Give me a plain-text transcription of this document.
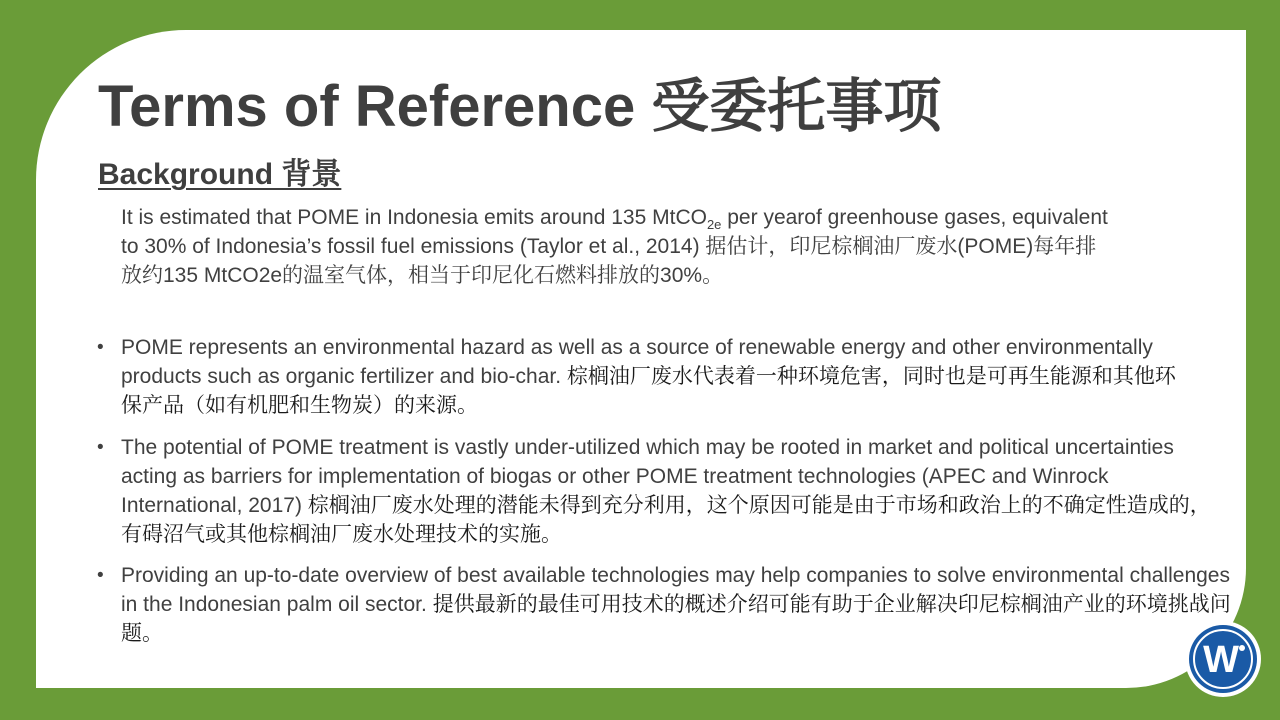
Terms of Reference 受委托事项
Background 背景

It is estimated that POME in Indonesia emits around 135 MtCO$_{2e}$ per yearof greenhouse gases, equivalent to 30% of Indonesia’s fossil fuel emissions (Taylor et al., 2014) 据估计，印尼棕榈油厂废水(POME)每年排放约135 MtCO2e的温室气体，相当于印尼化石燃料排放的30%。

• POME represents an environmental hazard as well as a source of renewable energy and other environmentally products such as organic fertilizer and bio-char. 棕榈油厂废水代表着一种环境危害，同时也是可再生能源和其他环保产品（如有机肥和生物炭）的来源。

• The potential of POME treatment is vastly under-utilized which may be rooted in market and political uncertainties acting as barriers for implementation of biogas or other POME treatment technologies (APEC and Winrock International, 2017) 棕榈油厂废水处理的潜能未得到充分利用，这个原因可能是由于市场和政治上的不确定性造成的，有碍沼气或其他棕榈油厂废水处理技术的实施。

• Providing an up-to-date overview of best available technologies may help companies to solve environmental challenges in the Indonesian palm oil sector. 提供最新的最佳可用技术的概述介绍可能有助于企业解决印尼棕榈油产业的环境挑战问题。

W
